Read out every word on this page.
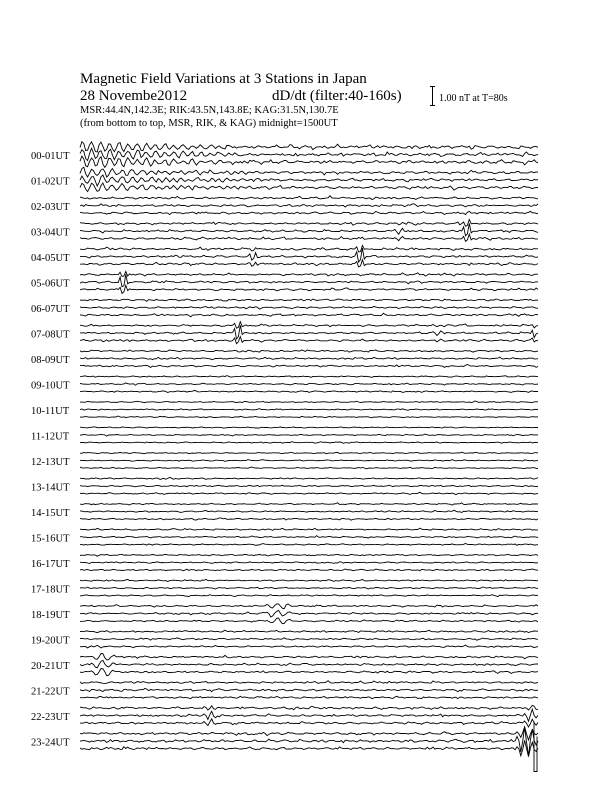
Magnetic Field Variations at 3 Stations in Japan
28 Novembe2012	dD/dt (filter:40-160s)
MSR:44.4N,142.3E; RIK:43.5N,143.8E; KAG:31.5N,130.7E
(from bottom to top, MSR, RIK, & KAG) midnight=1500UT
1.00 nT at T=80s
00-01UT
01-02UT
02-03UT
03-04UT
04-05UT
05-06UT
06-07UT
07-08UT
08-09UT
09-10UT
10-11UT
11-12UT
12-13UT
13-14UT
14-15UT
15-16UT
16-17UT
17-18UT
18-19UT
19-20UT
20-21UT
21-22UT
22-23UT
23-24UT
